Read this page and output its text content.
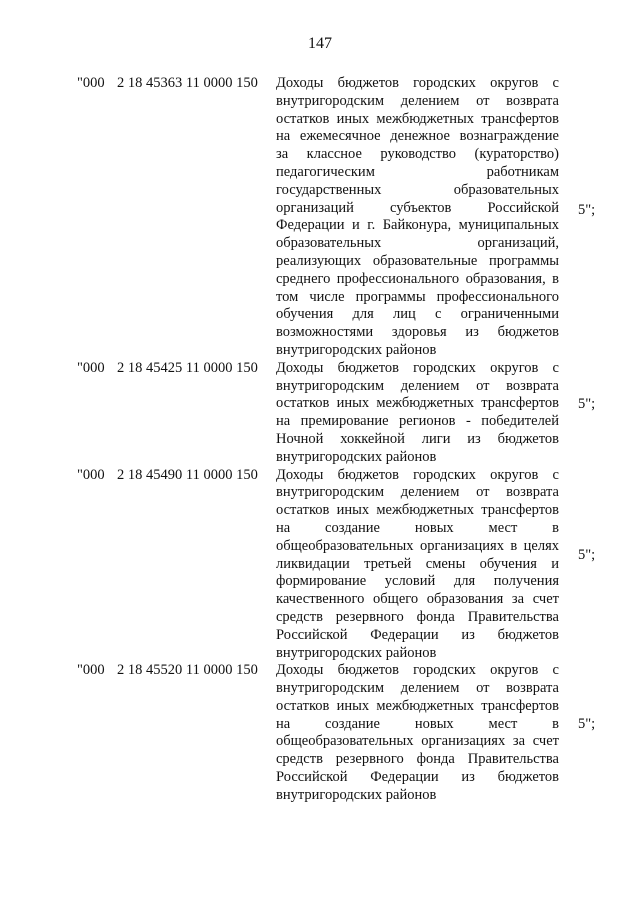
147
"000 2 18 45363 11 0000 150 Доходы бюджетов городских округов с
внутригородским делением от возврата
остатков иных межбюджетных трансфертов
на ежемесячное денежное вознаграждение
за классное руководство (кураторство)
педагогическим работникам
государственных образовательных
организаций субъектов Российской
Федерации и г. Байконура, муниципальных
образовательных организаций,
реализующих образовательные программы
среднего профессионального образования, в
том числе программы профессионального
обучения для лиц с ограниченными
возможностями здоровья из бюджетов
внутригородских районов
5";
"000 2 18 45425 11 0000 150 Доходы бюджетов городских округов с
внутригородским делением от возврата
остатков иных межбюджетных трансфертов
на премирование регионов - победителей
Ночной хоккейной лиги из бюджетов
внутригородских районов
5";
"000 2 18 45490 11 0000 150 Доходы бюджетов городских округов с
внутригородским делением от возврата
остатков иных межбюджетных трансфертов
на создание новых мест в
общеобразовательных организациях в целях
ликвидации третьей смены обучения и
формирование условий для получения
качественного общего образования за счет
средств резервного фонда Правительства
Российской Федерации из бюджетов
внутригородских районов
5";
"000 2 18 45520 11 0000 150 Доходы бюджетов городских округов с
внутригородским делением от возврата
остатков иных межбюджетных трансфертов
на создание новых мест в
общеобразовательных организациях за счет
средств резервного фонда Правительства
Российской Федерации из бюджетов
внутригородских районов
5";
